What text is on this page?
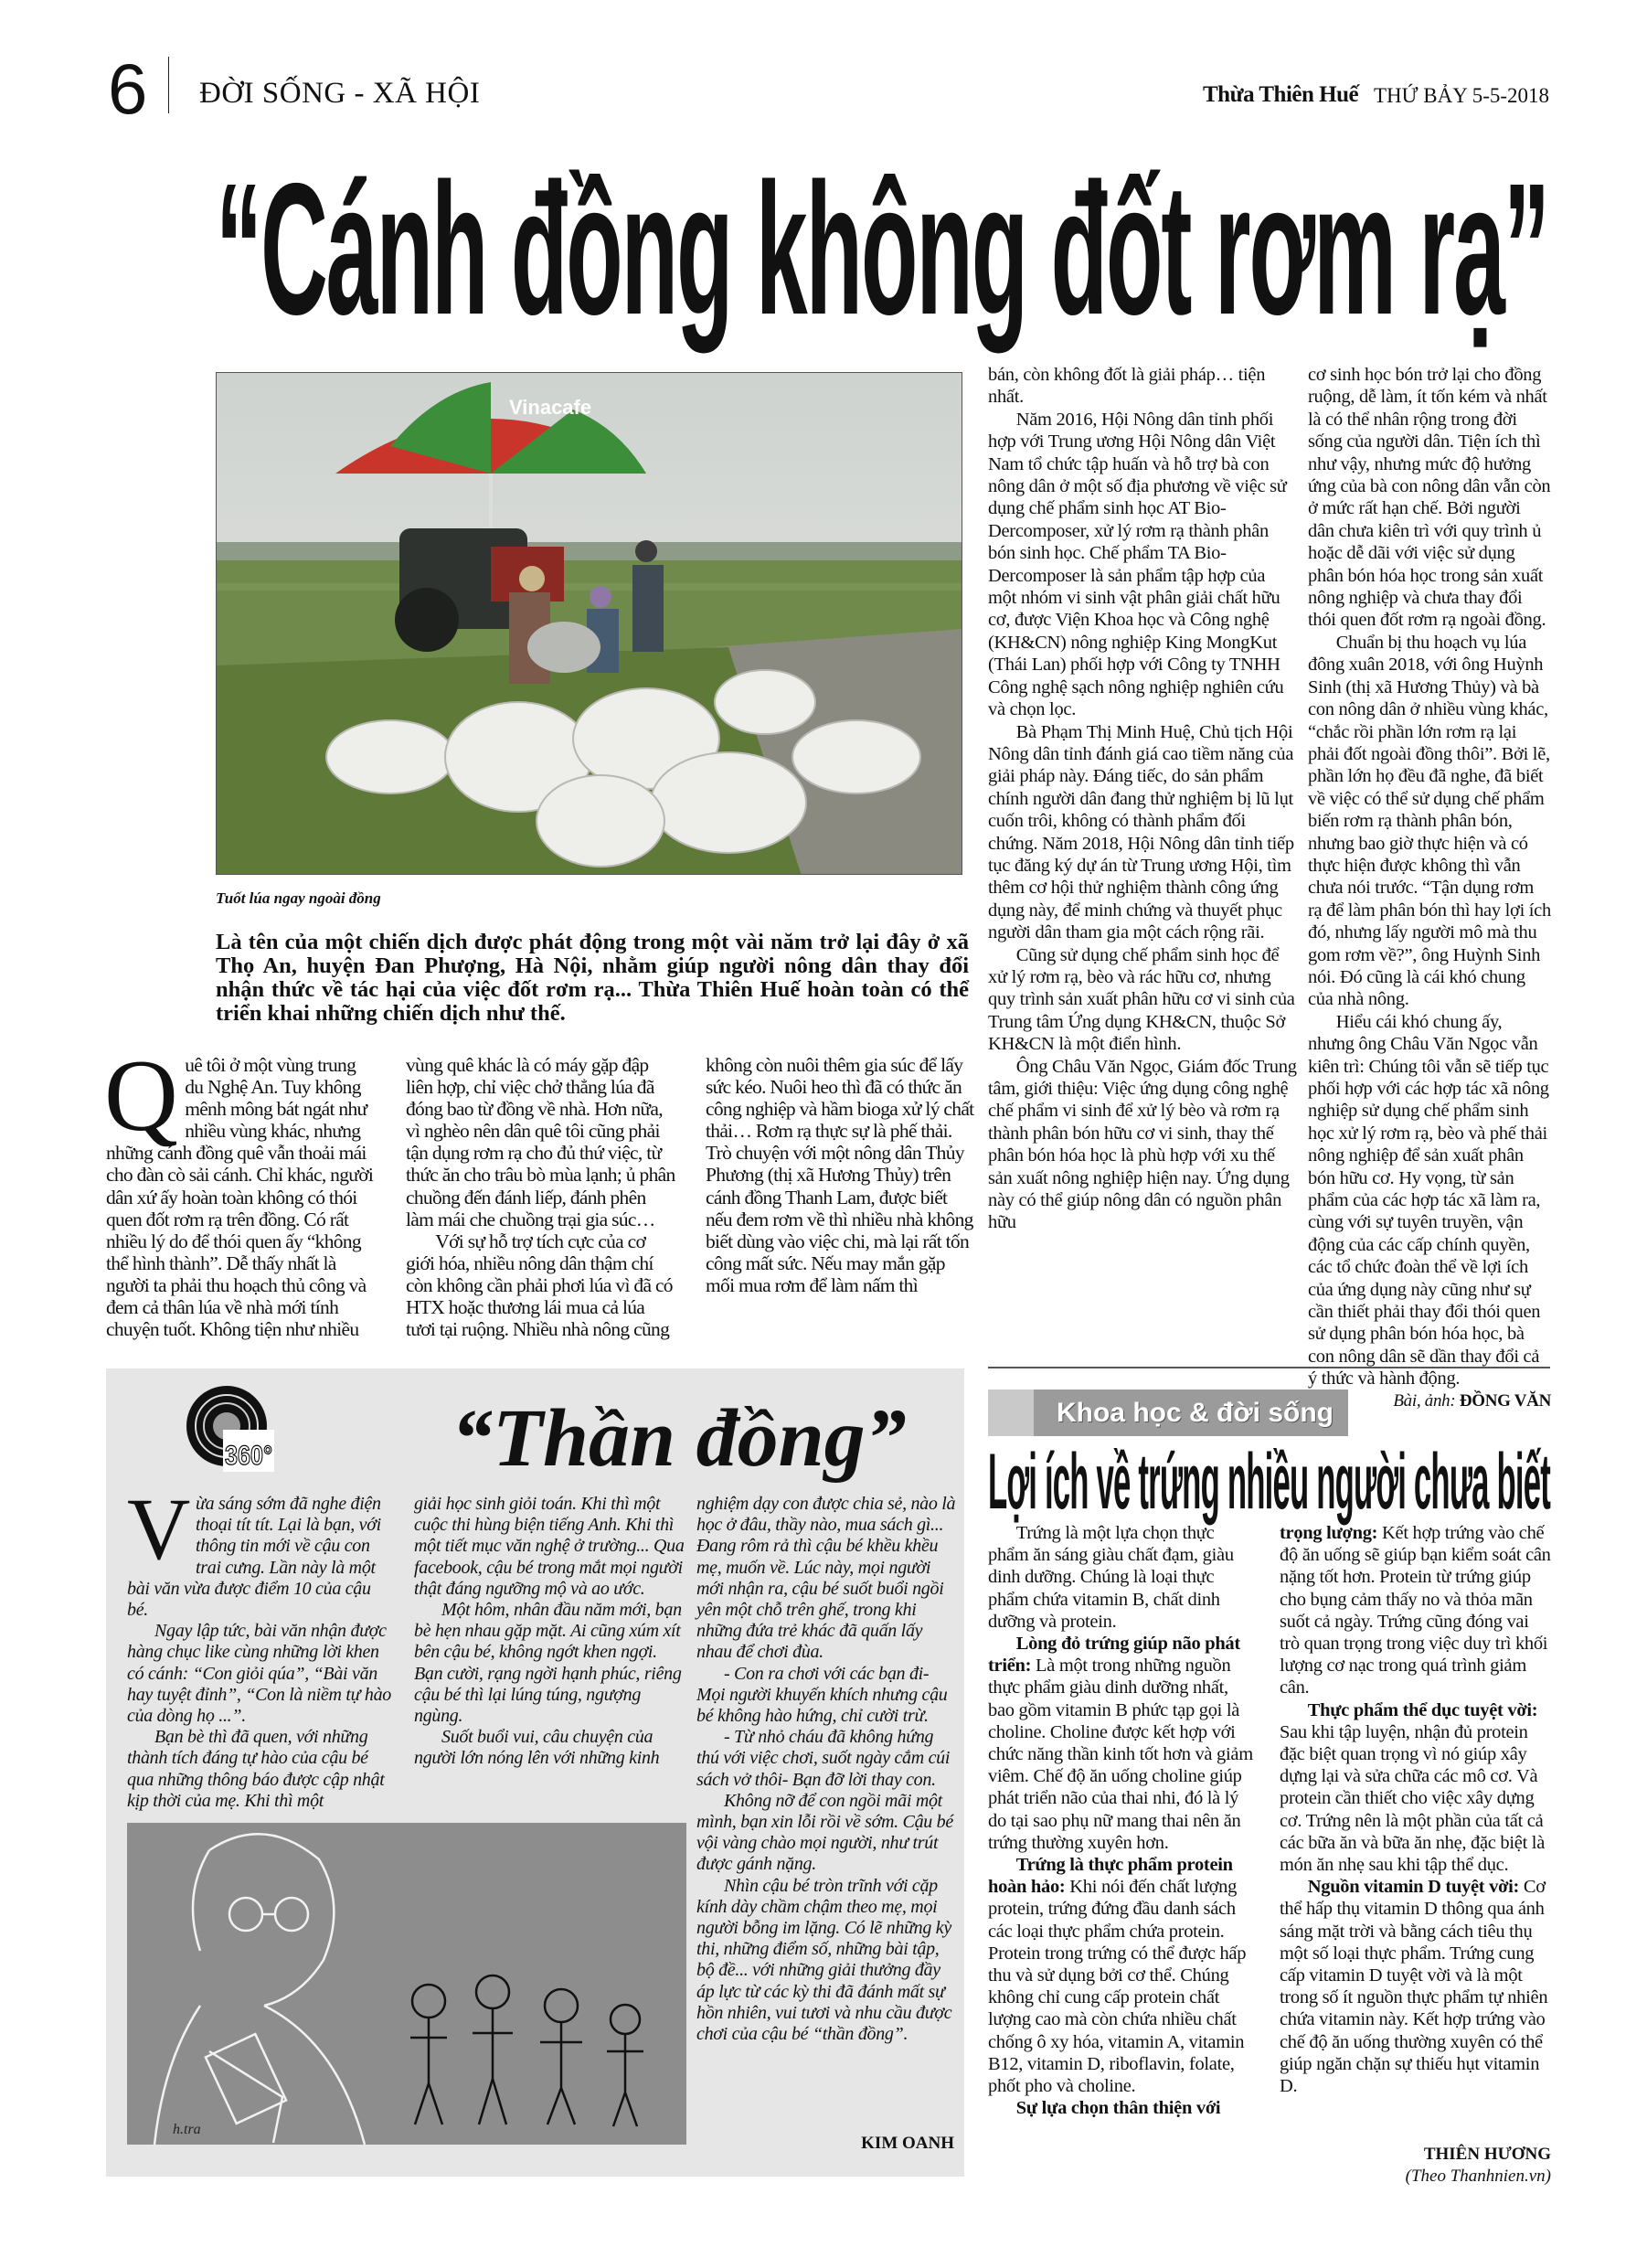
6 ĐỜI SỐNG - XÃ HỘI	Thừa Thiên Huế THỨ BẢY 5-5-2018
“Cánh đồng không đốt rơm rạ”
Vinacafe
Tuốt lúa ngay ngoài đồng
Là tên của một chiến dịch được phát động trong một vài năm trở lại đây ở xã Thọ An, huyện Đan Phượng, Hà Nội, nhằm giúp người nông dân thay đổi nhận thức về tác hại của việc đốt rơm rạ... Thừa Thiên Huế hoàn toàn có thể triển khai những chiến dịch như thế.
Q uê tôi ở một vùng trung du Nghệ An. Tuy không mênh mông bát ngát như nhiều vùng khác, nhưng những cánh đồng quê vẫn thoải mái cho đàn cò sải cánh. Chỉ khác, người dân xứ ấy hoàn toàn không có thói quen đốt rơm rạ trên đồng. Có rất nhiều lý do để thói quen ấy “không thể hình thành”. Dễ thấy nhất là người ta phải thu hoạch thủ công và đem cả thân lúa về nhà mới tính chuyện tuốt. Không tiện như nhiều vùng quê khác là có máy gặp đập liên hợp, chỉ việc chở thẳng lúa đã đóng bao từ đồng về nhà. Hơn nữa, vì nghèo nên dân quê tôi cũng phải tận dụng rơm rạ cho đủ thứ việc, từ thức ăn cho trâu bò mùa lạnh; ủ phân chuồng đến đánh liếp, đánh phên làm mái che chuồng trại gia súc…

Với sự hỗ trợ tích cực của cơ giới hóa, nhiều nông dân thậm chí còn không cần phải phơi lúa vì đã có HTX hoặc thương lái mua cả lúa tươi tại ruộng. Nhiều nhà nông cũng không còn nuôi thêm gia súc để lấy sức kéo. Nuôi heo thì đã có thức ăn công nghiệp và hầm bioga xử lý chất thải… Rơm rạ thực sự là phế thải. Trò chuyện với một nông dân Thủy Phương (thị xã Hương Thủy) trên cánh đồng Thanh Lam, được biết nếu đem rơm về thì nhiều nhà không biết dùng vào việc chi, mà lại rất tốn công mất sức. Nếu may mắn gặp mối mua rơm để làm nấm thì

bán, còn không đốt là giải pháp… tiện nhất.

Năm 2016, Hội Nông dân tỉnh phối hợp với Trung ương Hội Nông dân Việt Nam tổ chức tập huấn và hỗ trợ bà con nông dân ở một số địa phương về việc sử dụng chế phẩm sinh học AT Bio-Dercomposer, xử lý rơm rạ thành phân bón sinh học. Chế phẩm TA Bio-Dercomposer là sản phẩm tập hợp của một nhóm vi sinh vật phân giải chất hữu cơ, được Viện Khoa học và Công nghệ (KH&CN) nông nghiệp King MongKut (Thái Lan) phối hợp với Công ty TNHH Công nghệ sạch nông nghiệp nghiên cứu và chọn lọc.

Bà Phạm Thị Minh Huệ, Chủ tịch Hội Nông dân tỉnh đánh giá cao tiềm năng của giải pháp này. Đáng tiếc, do sản phẩm chính người dân đang thử nghiệm bị lũ lụt cuốn trôi, không có thành phẩm đối chứng. Năm 2018, Hội Nông dân tỉnh tiếp tục đăng ký dự án từ Trung ương Hội, tìm thêm cơ hội thử nghiệm thành công ứng dụng này, để minh chứng và thuyết phục người dân tham gia một cách rộng rãi.

Cũng sử dụng chế phẩm sinh học để xử lý rơm rạ, bèo và rác hữu cơ, nhưng quy trình sản xuất phân hữu cơ vi sinh của Trung tâm Ứng dụng KH&CN, thuộc Sở KH&CN là một điển hình.

Ông Châu Văn Ngọc, Giám đốc Trung tâm, giới thiệu: Việc ứng dụng công nghệ chế phẩm vi sinh để xử lý bèo và rơm rạ thành phân bón hữu cơ vi sinh, thay thế phân bón hóa học là phù hợp với xu thế sản xuất nông nghiệp hiện nay. Ứng dụng này có thể giúp nông dân có nguồn phân hữu

cơ sinh học bón trở lại cho đồng ruộng, dễ làm, ít tốn kém và nhất là có thể nhân rộng trong đời sống của người dân. Tiện ích thì như vậy, nhưng mức độ hưởng ứng của bà con nông dân vẫn còn ở mức rất hạn chế. Bởi người dân chưa kiên trì với quy trình ủ hoặc dễ dãi với việc sử dụng phân bón hóa học trong sản xuất nông nghiệp và chưa thay đổi thói quen đốt rơm rạ ngoài đồng.

Chuẩn bị thu hoạch vụ lúa đông xuân 2018, với ông Huỳnh Sinh (thị xã Hương Thủy) và bà con nông dân ở nhiều vùng khác, “chắc rồi phần lớn rơm rạ lại phải đốt ngoài đồng thôi”. Bởi lẽ, phần lớn họ đều đã nghe, đã biết về việc có thể sử dụng chế phẩm biến rơm rạ thành phân bón, nhưng bao giờ thực hiện và có thực hiện được không thì vẫn chưa nói trước. “Tận dụng rơm rạ để làm phân bón thì hay lợi ích đó, nhưng lấy người mô mà thu gom rơm về?”, ông Huỳnh Sinh nói. Đó cũng là cái khó chung của nhà nông.

Hiểu cái khó chung ấy, nhưng ông Châu Văn Ngọc vẫn kiên trì: Chúng tôi vẫn sẽ tiếp tục phối hợp với các hợp tác xã nông nghiệp sử dụng chế phẩm sinh học xử lý rơm rạ, bèo và phế thải nông nghiệp để sản xuất phân bón hữu cơ. Hy vọng, từ sản phẩm của các hợp tác xã làm ra, cùng với sự tuyên truyền, vận động của các cấp chính quyền, các tổ chức đoàn thể về lợi ích của ứng dụng này cũng như sự cần thiết phải thay đổi thói quen sử dụng phân bón hóa học, bà con nông dân sẽ dần thay đổi cả ý thức và hành động.

Bài, ảnh: ĐỒNG VĂN
360° “Thần đồng”
V ừa sáng sớm đã nghe điện thoại tít tít. Lại là bạn, với thông tin mới về cậu con trai cưng. Lần này là một bài văn vừa được điểm 10 của cậu bé.

Ngay lập tức, bài văn nhận được hàng chục like cùng những lời khen có cánh: “Con giỏi qúa”, “Bài văn hay tuyệt đỉnh”, “Con là niềm tự hào của dòng họ ...”.

Bạn bè thì đã quen, với những thành tích đáng tự hào của cậu bé qua những thông báo được cập nhật kịp thời của mẹ. Khi thì một

giải học sinh giỏi toán. Khi thì một cuộc thi hùng biện tiếng Anh. Khi thì một tiết mục văn nghệ ở trường... Qua facebook, cậu bé trong mắt mọi người thật đáng ngưỡng mộ và ao ước.

Một hôm, nhân đầu năm mới, bạn bè hẹn nhau gặp mặt. Ai cũng xúm xít bên cậu bé, không ngớt khen ngợi. Bạn cười, rạng ngời hạnh phúc, riêng cậu bé thì lại lúng túng, ngượng ngùng.

Suốt buổi vui, câu chuyện của người lớn nóng lên với những kinh

nghiệm dạy con được chia sẻ, nào là học ở đâu, thầy nào, mua sách gì... Đang rôm rả thì cậu bé khều khều mẹ, muốn về. Lúc này, mọi người mới nhận ra, cậu bé suốt buổi ngồi yên một chỗ trên ghế, trong khi những đứa trẻ khác đã quấn lấy nhau để chơi đùa.

- Con ra chơi với các bạn đi- Mọi người khuyến khích nhưng cậu bé không hào hứng, chỉ cười trừ.

- Từ nhỏ cháu đã không hứng thú với việc chơi, suốt ngày cắm cúi sách vở thôi- Bạn đỡ lời thay con.

Không nỡ để con ngồi mãi một mình, bạn xin lỗi rồi về sớm. Cậu bé vội vàng chào mọi người, như trút được gánh nặng.

Nhìn cậu bé tròn trĩnh với cặp kính dày chầm chậm theo mẹ, mọi người bỗng im lặng. Có lẽ những kỳ thi, những điểm số, những bài tập, bộ đề... với những giải thưởng đầy áp lực từ các kỳ thi đã đánh mất sự hồn nhiên, vui tươi và nhu cầu được chơi của cậu bé “thần đồng”.

KIM OANH
h.tra
Khoa học & đời sống
Lợi ích về trứng nhiều người chưa biết

Trứng là một lựa chọn thực phẩm ăn sáng giàu chất đạm, giàu dinh dưỡng. Chúng là loại thực phẩm chứa vitamin B, chất dinh dưỡng và protein.

Lòng đỏ trứng giúp não phát triển: Là một trong những nguồn thực phẩm giàu dinh dưỡng nhất, bao gồm vitamin B phức tạp gọi là choline. Choline được kết hợp với chức năng thần kinh tốt hơn và giảm viêm. Chế độ ăn uống choline giúp phát triển não của thai nhi, đó là lý do tại sao phụ nữ mang thai nên ăn trứng thường xuyên hơn.

Trứng là thực phẩm protein hoàn hảo: Khi nói đến chất lượng protein, trứng đứng đầu danh sách các loại thực phẩm chứa protein. Protein trong trứng có thể được hấp thu và sử dụng bởi cơ thể. Chúng không chỉ cung cấp protein chất lượng cao mà còn chứa nhiều chất chống ô xy hóa, vitamin A, vitamin B12, vitamin D, riboflavin, folate, phốt pho và choline.

Sự lựa chọn thân thiện với

trọng lượng: Kết hợp trứng vào chế độ ăn uống sẽ giúp bạn kiểm soát cân nặng tốt hơn. Protein từ trứng giúp cho bụng cảm thấy no và thỏa mãn suốt cả ngày. Trứng cũng đóng vai trò quan trọng trong việc duy trì khối lượng cơ nạc trong quá trình giảm cân.

Thực phẩm thể dục tuyệt vời: Sau khi tập luyện, nhận đủ protein đặc biệt quan trọng vì nó giúp xây dựng lại và sửa chữa các mô cơ. Và protein cần thiết cho việc xây dựng cơ. Trứng nên là một phần của tất cả các bữa ăn và bữa ăn nhẹ, đặc biệt là món ăn nhẹ sau khi tập thể dục.

Nguồn vitamin D tuyệt vời: Cơ thể hấp thụ vitamin D thông qua ánh sáng mặt trời và bằng cách tiêu thụ một số loại thực phẩm. Trứng cung cấp vitamin D tuyệt vời và là một trong số ít nguồn thực phẩm tự nhiên chứa vitamin này. Kết hợp trứng vào chế độ ăn uống thường xuyên có thể giúp ngăn chặn sự thiếu hụt vitamin D.

THIÊN HƯƠNG
(Theo Thanhnien.vn)
